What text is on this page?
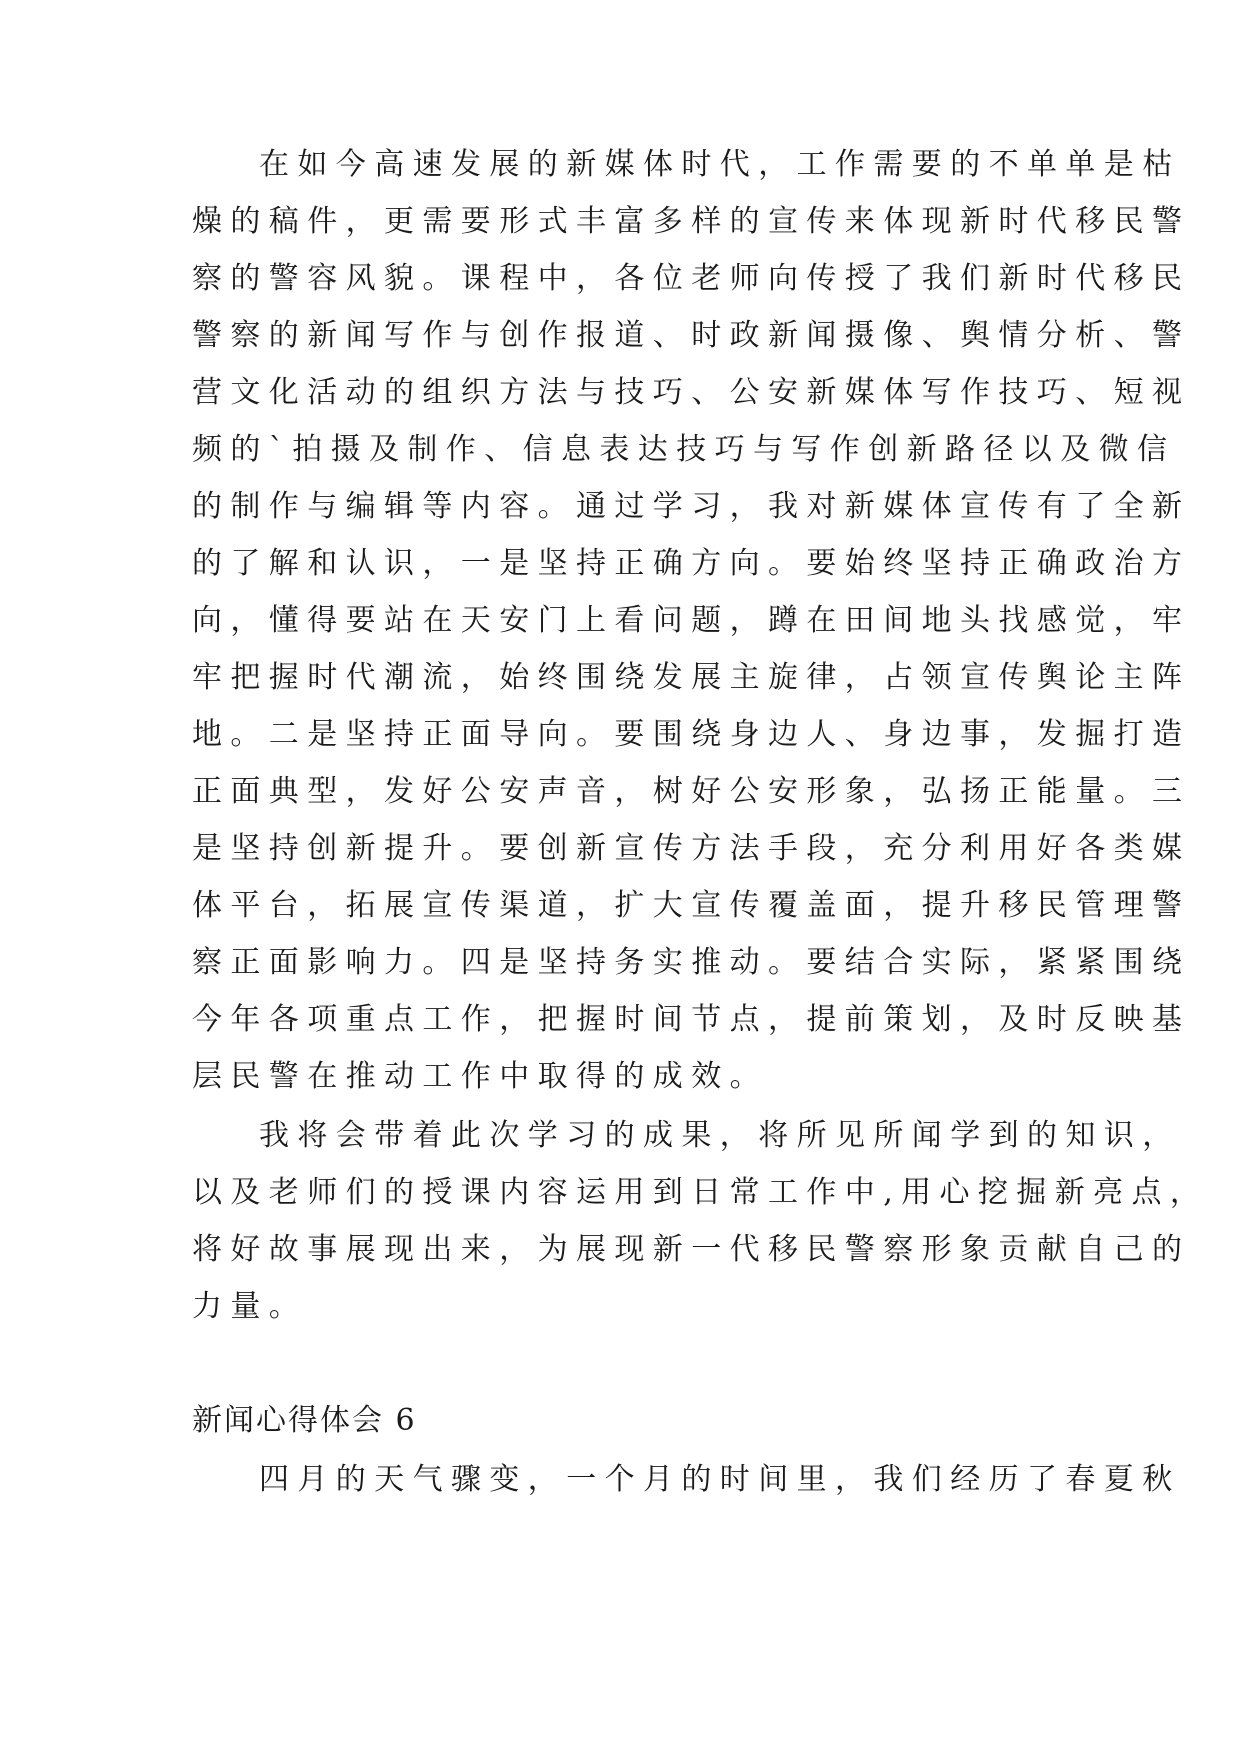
在如今高速发展的新媒体时代，工作需要的不单单是枯
燥的稿件，更需要形式丰富多样的宣传来体现新时代移民警
察的警容风貌。课程中，各位老师向传授了我们新时代移民
警察的新闻写作与创作报道、时政新闻摄像、舆情分析、警
营文化活动的组织方法与技巧、公安新媒体写作技巧、短视
频的`拍摄及制作、信息表达技巧与写作创新路径以及微信
的制作与编辑等内容。通过学习，我对新媒体宣传有了全新
的了解和认识，一是坚持正确方向。要始终坚持正确政治方
向，懂得要站在天安门上看问题，蹲在田间地头找感觉，牢
牢把握时代潮流，始终围绕发展主旋律，占领宣传舆论主阵
地。二是坚持正面导向。要围绕身边人、身边事，发掘打造
正面典型，发好公安声音，树好公安形象，弘扬正能量。三
是坚持创新提升。要创新宣传方法手段，充分利用好各类媒
体平台，拓展宣传渠道，扩大宣传覆盖面，提升移民管理警
察正面影响力。四是坚持务实推动。要结合实际，紧紧围绕
今年各项重点工作，把握时间节点，提前策划，及时反映基
层民警在推动工作中取得的成效。
我将会带着此次学习的成果，将所见所闻学到的知识，
以及老师们的授课内容运用到日常工作中,用心挖掘新亮点，
将好故事展现出来，为展现新一代移民警察形象贡献自己的
力量。
新闻心得体会 6
四月的天气骤变，一个月的时间里，我们经历了春夏秋
